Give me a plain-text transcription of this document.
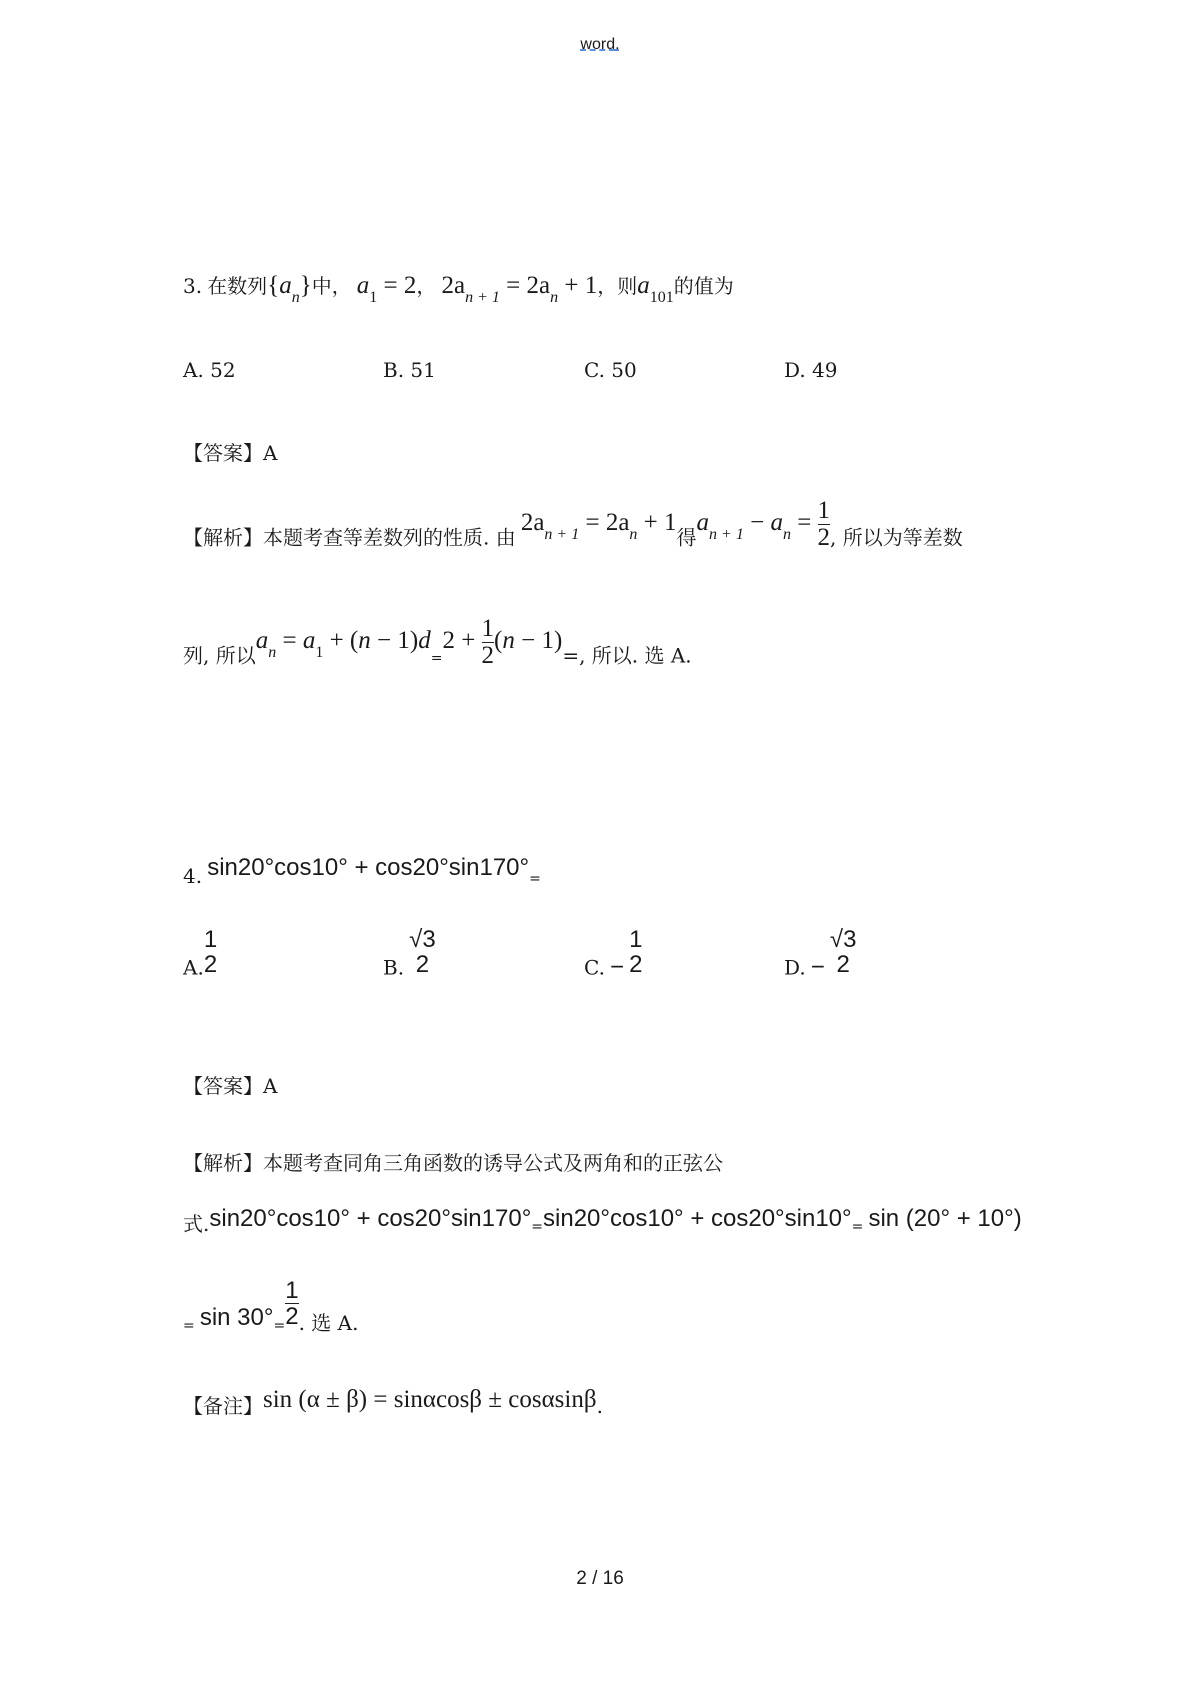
word.
3. 在数列$\{a_n\}$中， $a_1 = 2$， $2a_{n + 1} = 2a_n + 1$，则$a_{101}$的值为
A. 52	B. 51	C. 50	D. 49
【答案】A
【解析】本题考查等差数列的性质. 由 $2a_{n + 1} = 2a_n + 1$得$a_{n + 1} - a_n = \frac{1}{2}$ , 所以为等差数
列, 所以$a_n = a_1 + (n - 1)d=2 + \frac{1}{2} (n - 1)=$, 所以. 选 A.
4. sin20°cos10° + cos20°sin170°=
A.
1
2	B.
√3
2	C. −
1
2	D. −
√3
2
【答案】A
【解析】本题考查同角三角函数的诱导公式及两角和的正弦公
式.sin20°cos10° + cos20°sin170°=sin20°cos10° + cos20°sin10°= sin (20° + 10°)
= $\sin 30^\circ= \frac{1}{2}$ . 选 A.
【备注】sin (α ± β) = sinαcosβ ± cosαsinβ.
2 / 16
